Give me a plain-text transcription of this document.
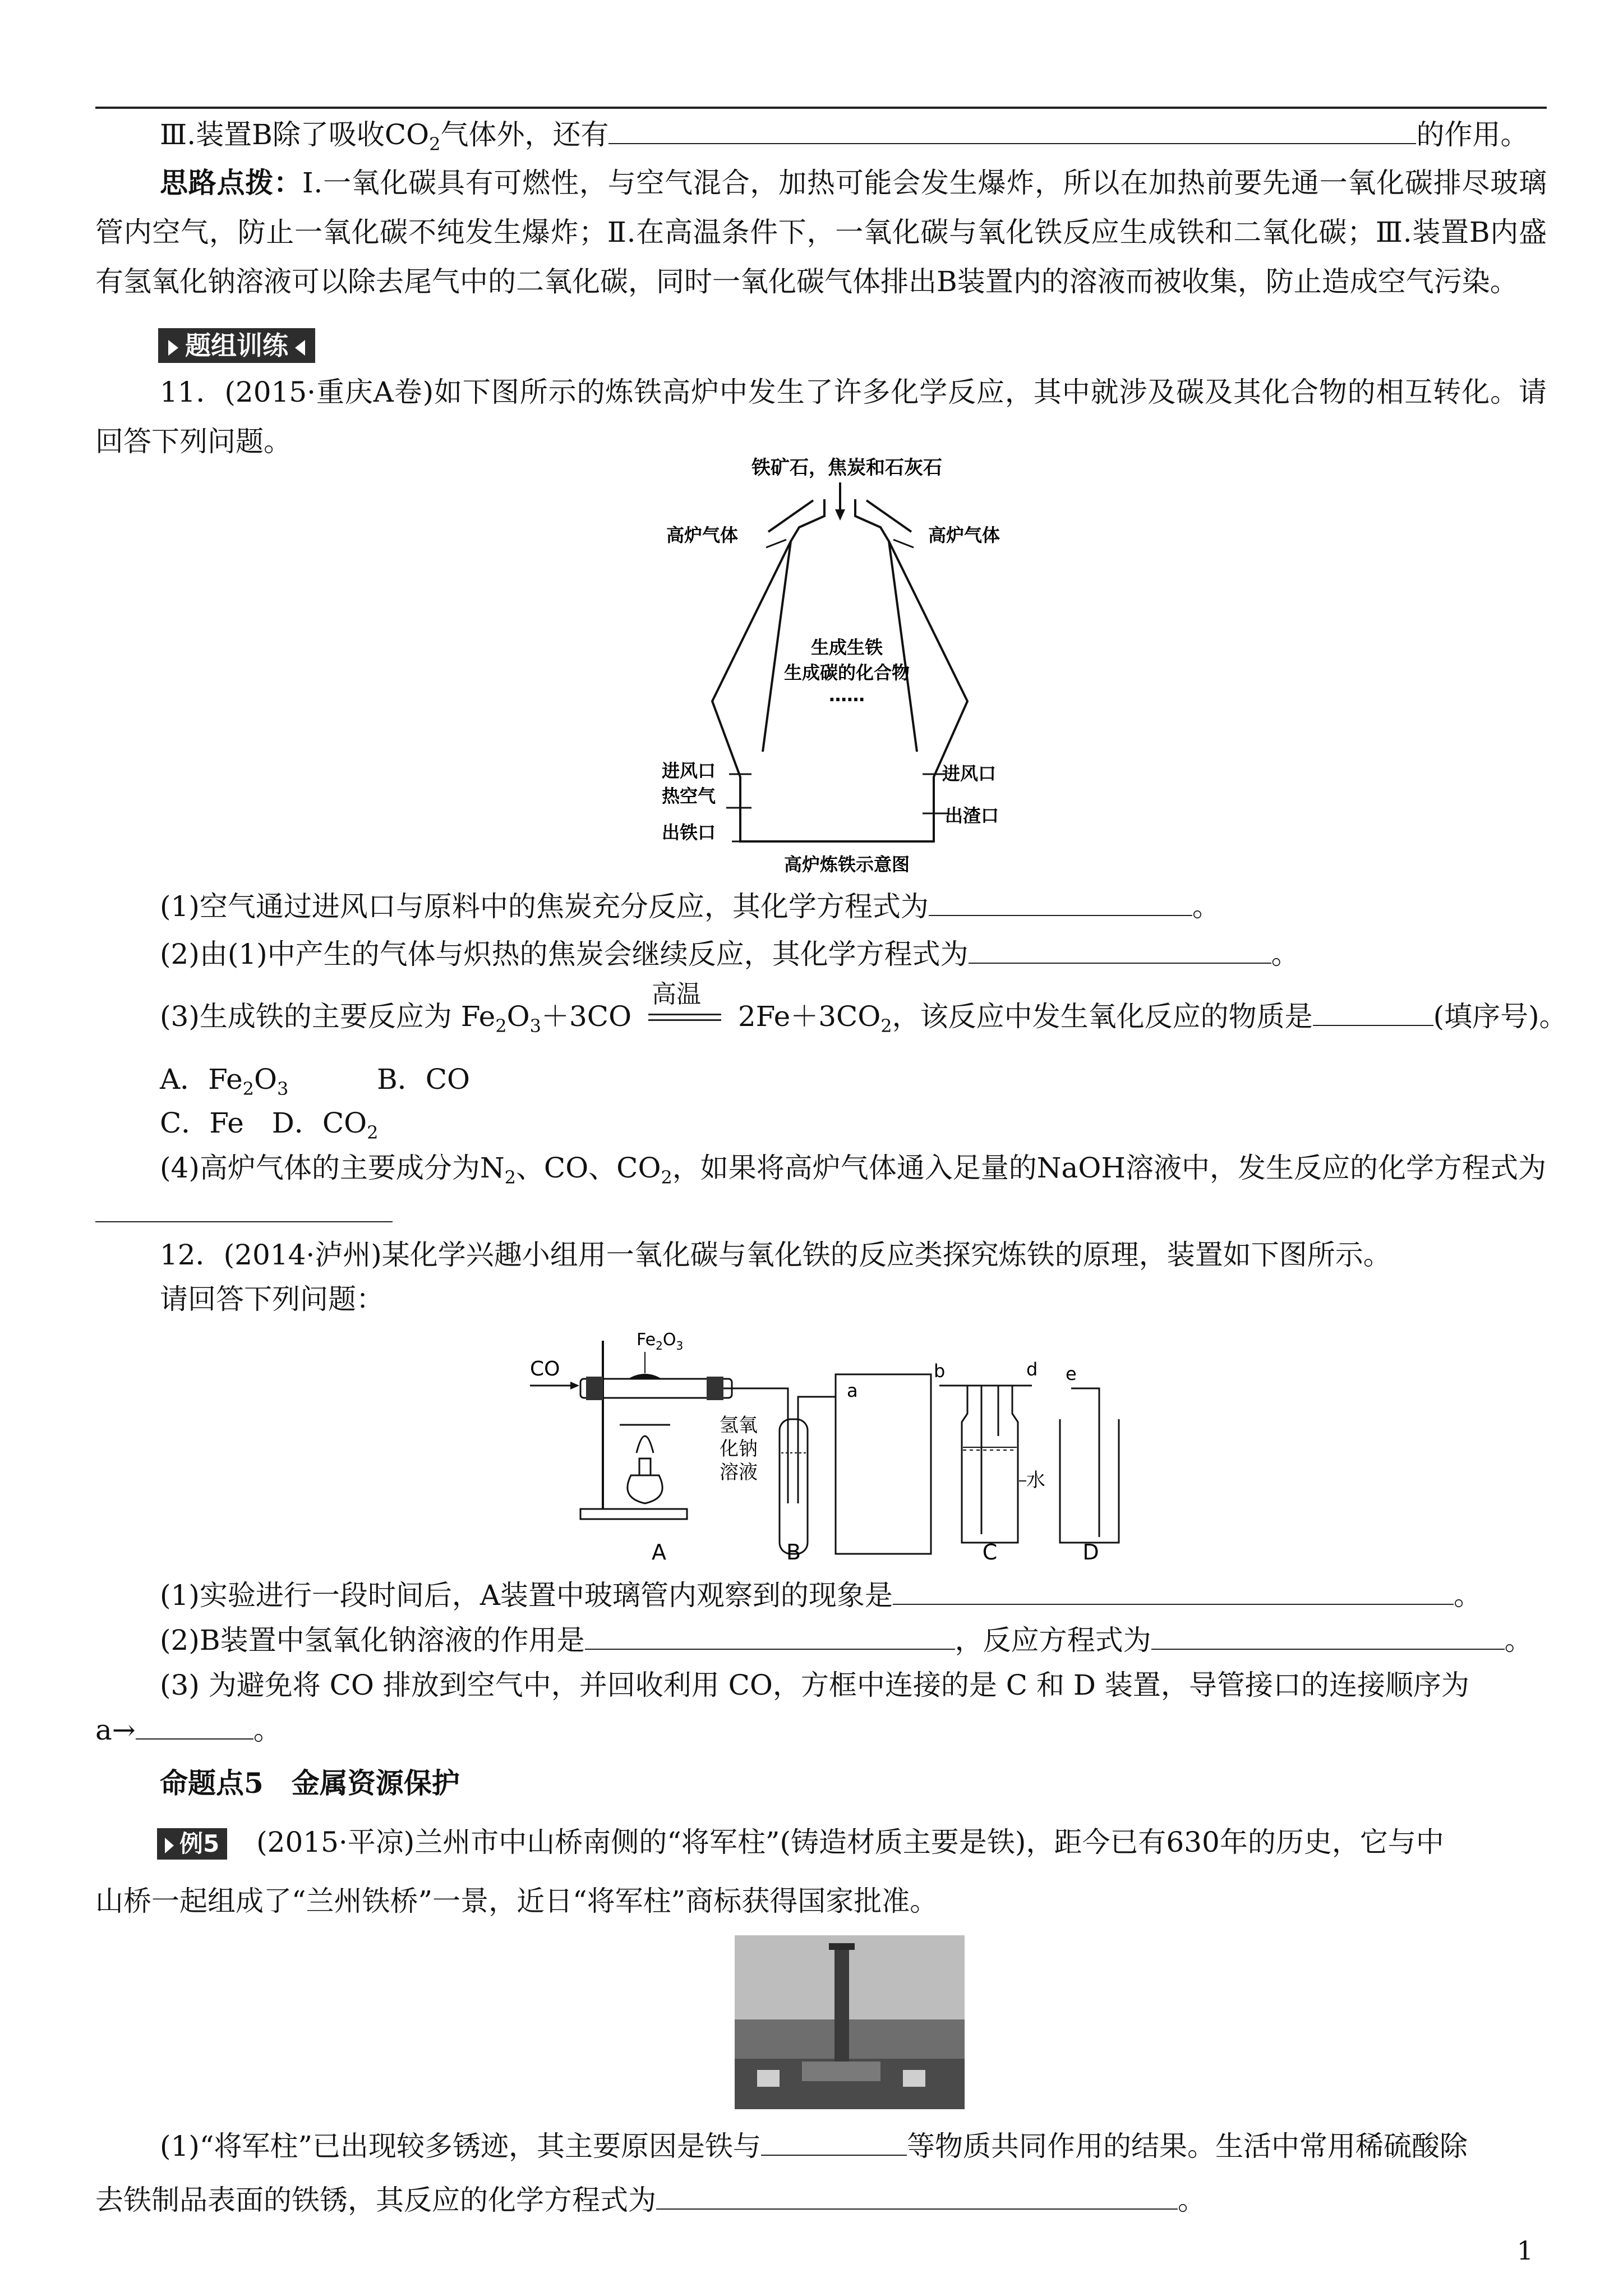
Ⅲ.装置B除了吸收$CO_2$气体外，还有	的作用。
思路点拨：Ⅰ.一氧化碳具有可燃性，与空气混合，加热可能会发生爆炸，所以在加热前要先通一氧化碳排尽玻璃管内空气，防止一氧化碳不纯发生爆炸；Ⅱ.在高温条件下，一氧化碳与氧化铁反应生成铁和二氧化碳；Ⅲ.装置B内盛有氢氧化钠溶液可以除去尾气中的二氧化碳，同时一氧化碳气体排出B装置内的溶液而被收集，防止造成空气污染。
题组训练
11．(2015·重庆A卷)如下图所示的炼铁高炉中发生了许多化学反应，其中就涉及碳及其化合物的相互转化。请回答下列问题。
铁矿石，焦炭和石灰石
高炉气体	高炉气体
生成生铁
生成碳的化合物
……
进风口
热空气
进风口
出铁口
出渣口
高炉炼铁示意图
(1)空气通过进风口与原料中的焦炭充分反应，其化学方程式为	。
(2)由(1)中产生的气体与炽热的焦炭会继续反应，其化学方程式为	。
(3)生成铁的主要反应为 $Fe_2O_3+3CO$
高温
$2Fe+3CO_2$，该反应中发生氧化反应的物质是	(填序号)。
A．$Fe_2O_3$	B．CO
C．Fe　D．$CO_2$
(4)高炉气体的主要成分为$N_2$、CO、$CO_2$，如果将高炉气体通入足量的NaOH溶液中，发生反应的化学方程式为
12．(2014·泸州)某化学兴趣小组用一氧化碳与氧化铁的反应类探究炼铁的原理，装置如下图所示。
请回答下列问题：
CO
$Fe_2O_3$
氢氧
化钠
溶液
a
b	d
水
e
A	B	C	D
(1)实验进行一段时间后，A装置中玻璃管内观察到的现象是	。
(2)B装置中氢氧化钠溶液的作用是	，反应方程式为	。
(3) 为避免将 CO 排放到空气中，并回收利用 CO，方框中连接的是 C 和 D 装置，导管接口的连接顺序为
a→	。
命题点5　金属资源保护
例5 (2015·平凉)兰州市中山桥南侧的“将军柱”(铸造材质主要是铁)，距今已有630年的历史，它与中
山桥一起组成了“兰州铁桥”一景，近日“将军柱”商标获得国家批准。
(1)“将军柱”已出现较多锈迹，其主要原因是铁与	等物质共同作用的结果。生活中常用稀硫酸除
去铁制品表面的铁锈，其反应的化学方程式为	。
1
